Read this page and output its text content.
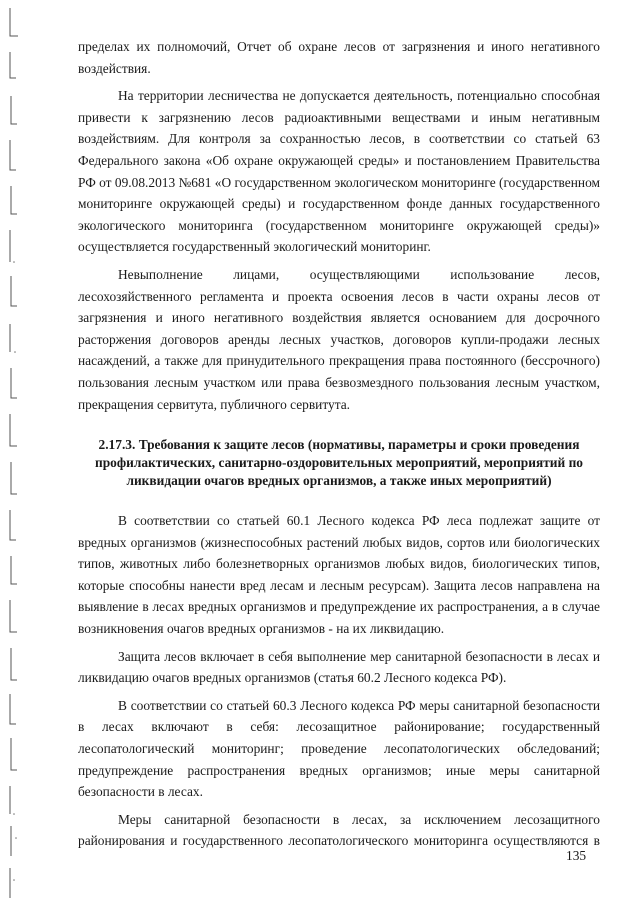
пределах их полномочий, Отчет об охране лесов от загрязнения и иного негативного воздействия.

На территории лесничества не допускается деятельность, потенциально способная привести к загрязнению лесов радиоактивными веществами и иным негативным воздействиям. Для контроля за сохранностью лесов, в соответствии со статьей 63 Федерального закона «Об охране окружающей среды» и постановлением Правительства РФ от 09.08.2013 №681 «О государственном экологическом мониторинге (государственном мониторинге окружающей среды) и государственном фонде данных государственного экологического мониторинга (государственном мониторинге окружающей среды)» осуществляется государственный экологический мониторинг.

Невыполнение лицами, осуществляющими использование лесов, лесохозяйственного регламента и проекта освоения лесов в части охраны лесов от загрязнения и иного негативного воздействия является основанием для досрочного расторжения договоров аренды лесных участков, договоров купли-продажи лесных насаждений, а также для принудительного прекращения права постоянного (бессрочного) пользования лесным участком или права безвозмездного пользования лесным участком, прекращения сервитута, публичного сервитута.

2.17.3. Требования к защите лесов (нормативы, параметры и сроки проведения профилактических, санитарно-оздоровительных мероприятий, мероприятий по ликвидации очагов вредных организмов, а также иных мероприятий)

В соответствии со статьей 60.1 Лесного кодекса РФ леса подлежат защите от вредных организмов (жизнеспособных растений любых видов, сортов или биологических типов, животных либо болезнетворных организмов любых видов, биологических типов, которые способны нанести вред лесам и лесным ресурсам). Защита лесов направлена на выявление в лесах вредных организмов и предупреждение их распространения, а в случае возникновения очагов вредных организмов - на их ликвидацию.

Защита лесов включает в себя выполнение мер санитарной безопасности в лесах и ликвидацию очагов вредных организмов (статья 60.2 Лесного кодекса РФ).

В соответствии со статьей 60.3 Лесного кодекса РФ меры санитарной безопасности в лесах включают в себя: лесозащитное районирование; государственный лесопатологический мониторинг; проведение лесопатологических обследований; предупреждение распространения вредных организмов; иные меры санитарной безопасности в лесах.

Меры санитарной безопасности в лесах, за исключением лесозащитного районирования и государственного лесопатологического мониторинга осуществляются в

135
